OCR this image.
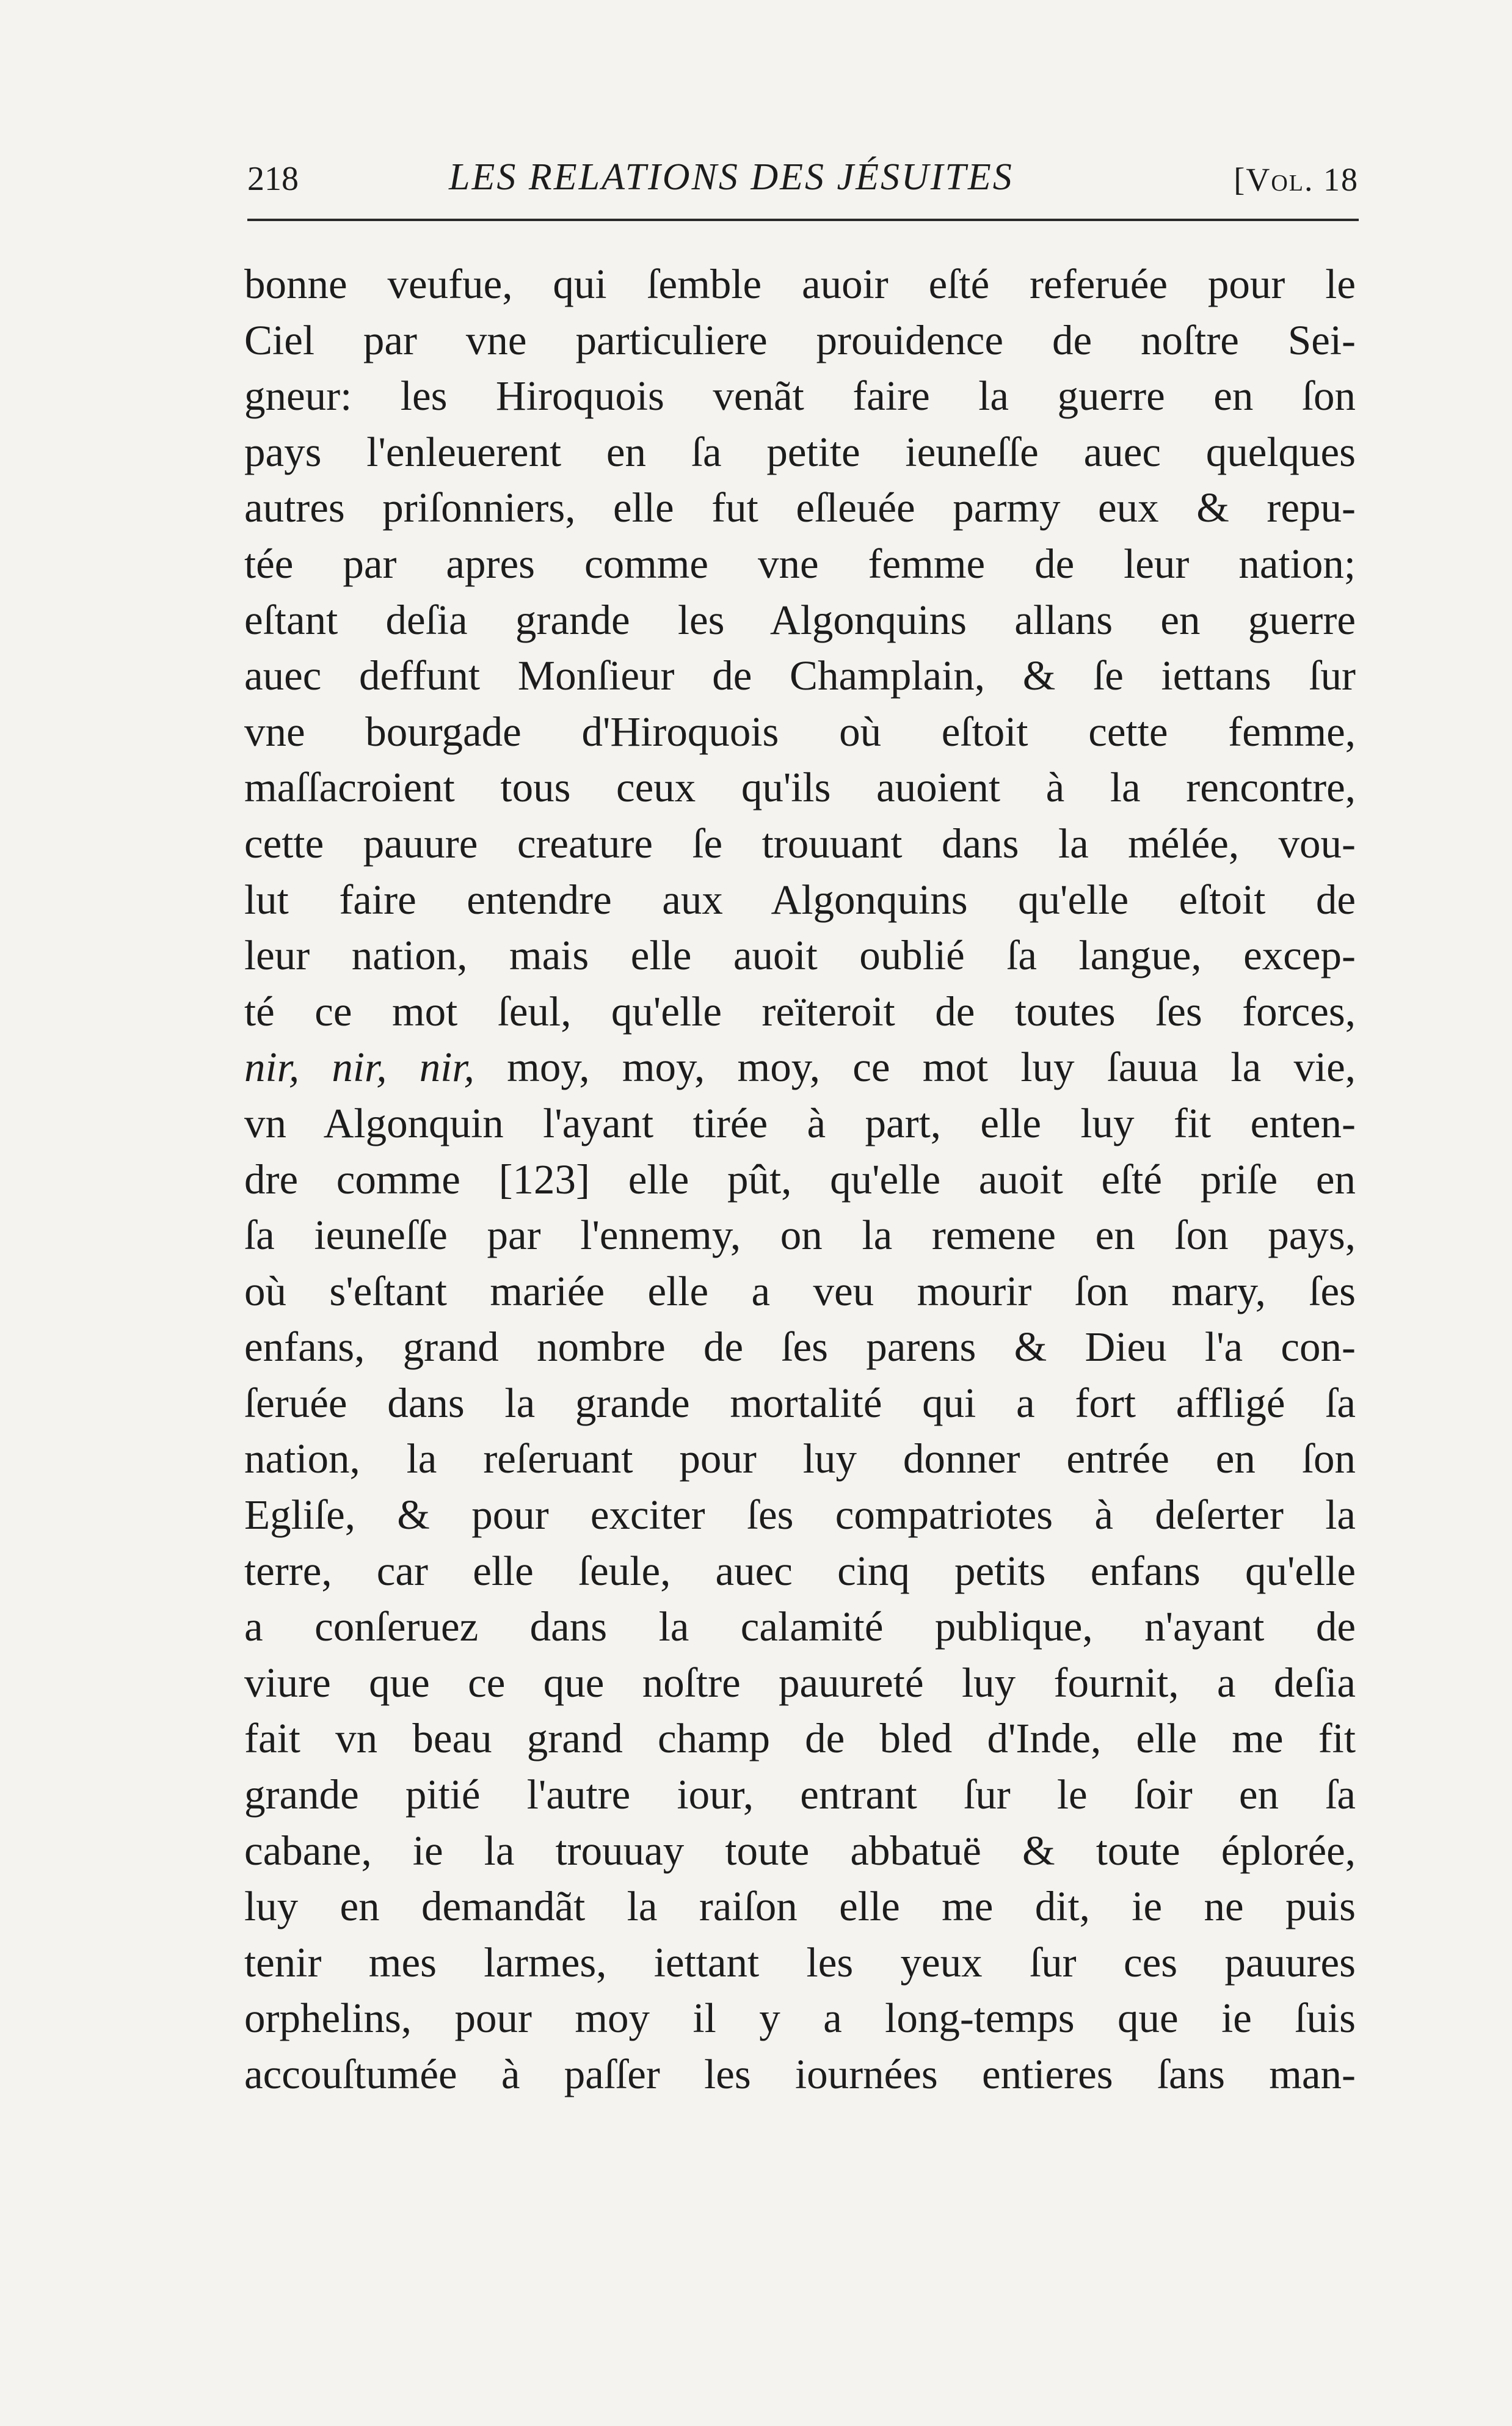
218	LES RELATIONS DES JÉSUITES	[Vol. 18
bonne veufue, qui ſemble auoir eſté referuée pour le
Ciel par vne particuliere prouidence de noſtre Sei-
gneur: les Hiroquois venãt faire la guerre en ſon
pays l'enleuerent en ſa petite ieuneſſe auec quelques
autres priſonniers, elle fut eſleuée parmy eux & repu-
tée par apres comme vne femme de leur nation;
eſtant deſia grande les Algonquins allans en guerre
auec deffunt Monſieur de Champlain, & ſe iettans ſur
vne bourgade d'Hiroquois où eſtoit cette femme,
maſſacroient tous ceux qu'ils auoient à la rencontre,
cette pauure creature ſe trouuant dans la mélée, vou-
lut faire entendre aux Algonquins qu'elle eſtoit de
leur nation, mais elle auoit oublié ſa langue, excep-
té ce mot ſeul, qu'elle reïteroit de toutes ſes forces,
nir, nir, nir, moy, moy, moy, ce mot luy ſauua la vie,
vn Algonquin l'ayant tirée à part, elle luy fit enten-
dre comme [123] elle pût, qu'elle auoit eſté priſe en
ſa ieuneſſe par l'ennemy, on la remene en ſon pays,
où s'eſtant mariée elle a veu mourir ſon mary, ſes
enfans, grand nombre de ſes parens & Dieu l'a con-
ſeruée dans la grande mortalité qui a fort affligé ſa
nation, la reſeruant pour luy donner entrée en ſon
Egliſe, & pour exciter ſes compatriotes à deſerter la
terre, car elle ſeule, auec cinq petits enfans qu'elle
a conſeruez dans la calamité publique, n'ayant de
viure que ce que noſtre pauureté luy fournit, a deſia
fait vn beau grand champ de bled d'Inde, elle me fit
grande pitié l'autre iour, entrant ſur le ſoir en ſa
cabane, ie la trouuay toute abbatuë & toute éplorée,
luy en demandãt la raiſon elle me dit, ie ne puis
tenir mes larmes, iettant les yeux ſur ces pauures
orphelins, pour moy il y a long-temps que ie ſuis
accouſtumée à paſſer les iournées entieres ſans man-
